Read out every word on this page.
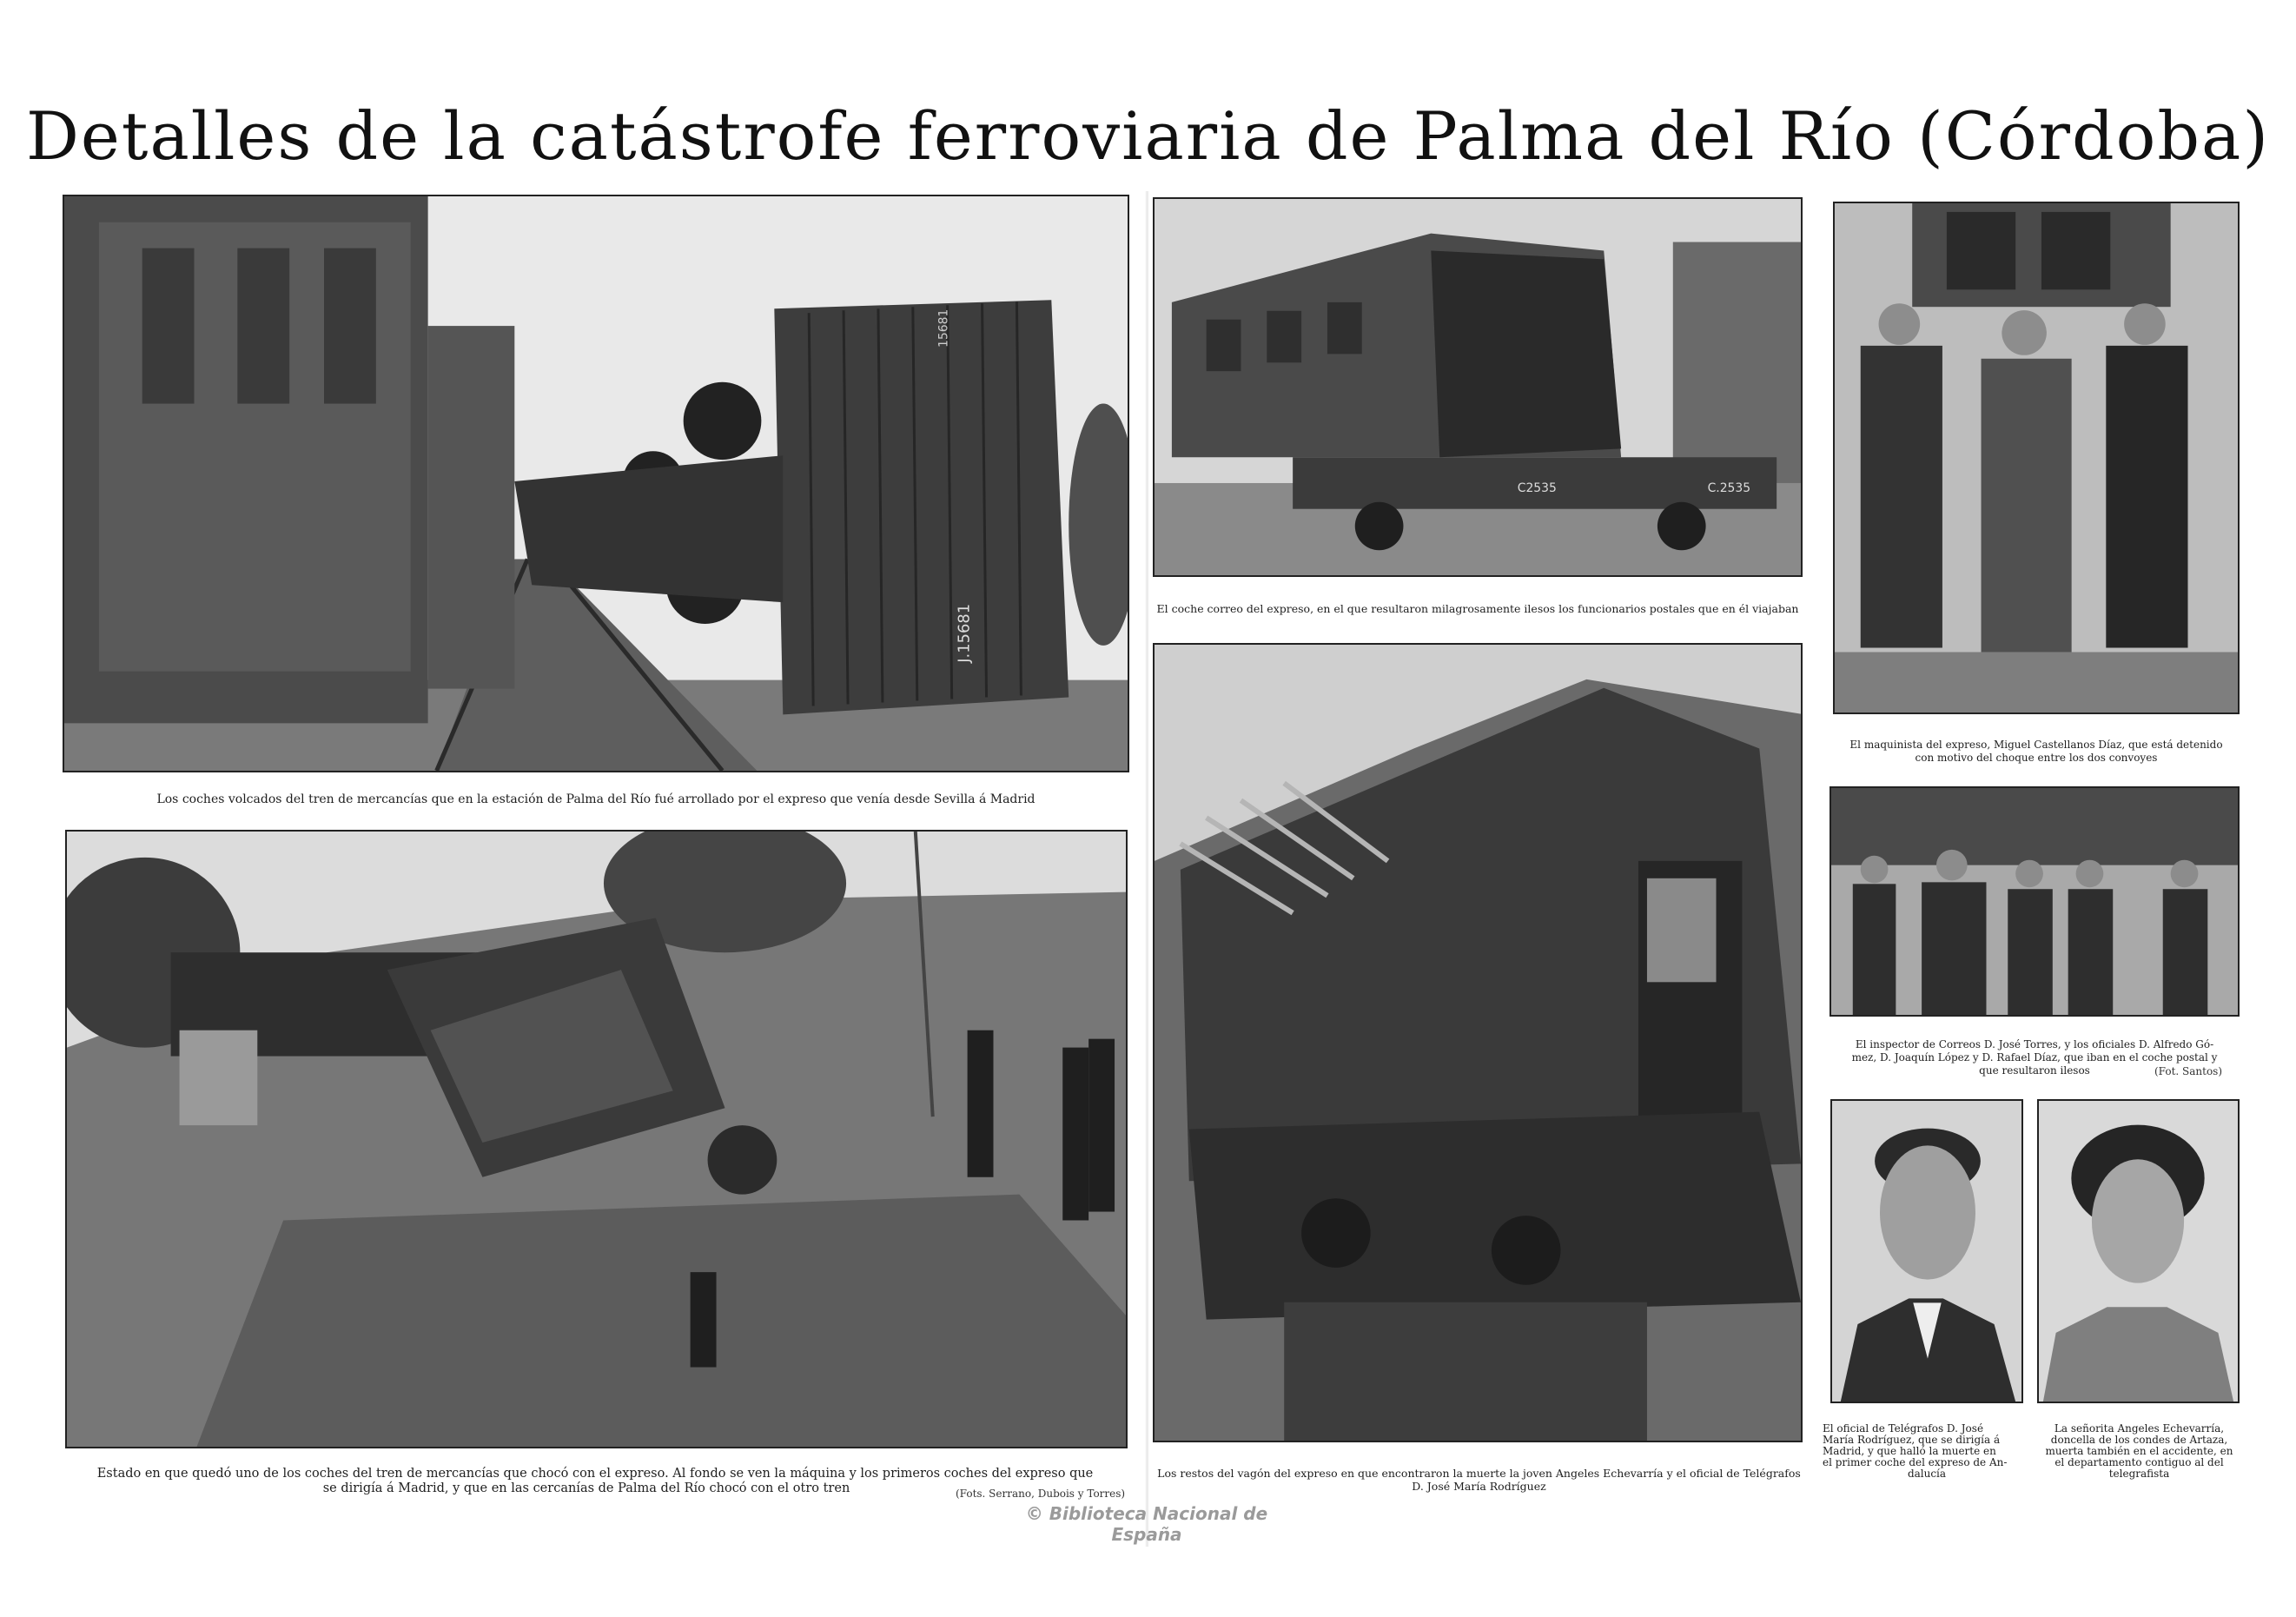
Detalles de la catástrofe ferroviaria de Palma del Río (Córdoba)
J.15681
15681
Los coches volcados del tren de mercancías que en la estación de Palma del Río fué arrollado por el expreso que venía desde Sevilla á Madrid
C2535	C.2535
El coche correo del expreso, en el que resultaron milagrosamente ilesos los funcionarios postales que en él viajaban
El maquinista del expreso, Miguel Castellanos Díaz, que está detenido
con motivo del choque entre los dos convoyes
El inspector de Correos D. José Torres, y los oficiales D. Alfredo Gó-
mez, D. Joaquín López y D. Rafael Díaz, que iban en el coche postal y
que resultaron ilesos	(Fot. Santos)
Estado en que quedó uno de los coches del tren de mercancías que chocó con el expreso. Al fondo se ven la máquina y los primeros coches del expreso que
se dirigía á Madrid, y que en las cercanías de Palma del Río chocó con el otro tren	(Fots. Serrano, Dubois y Torres)
Los restos del vagón del expreso en que encontraron la muerte la joven Angeles Echevarría y el oficial de Telégrafos
D. José María Rodríguez
El oficial de Telégrafos D. José
María Rodríguez, que se dirigía á
Madrid, y que halló la muerte en
el primer coche del expreso de An-
dalucía
La señorita Angeles Echevarría,
doncella de los condes de Artaza,
muerta también en el accidente, en
el departamento contiguo al del
telegrafista
© Biblioteca Nacional de España
